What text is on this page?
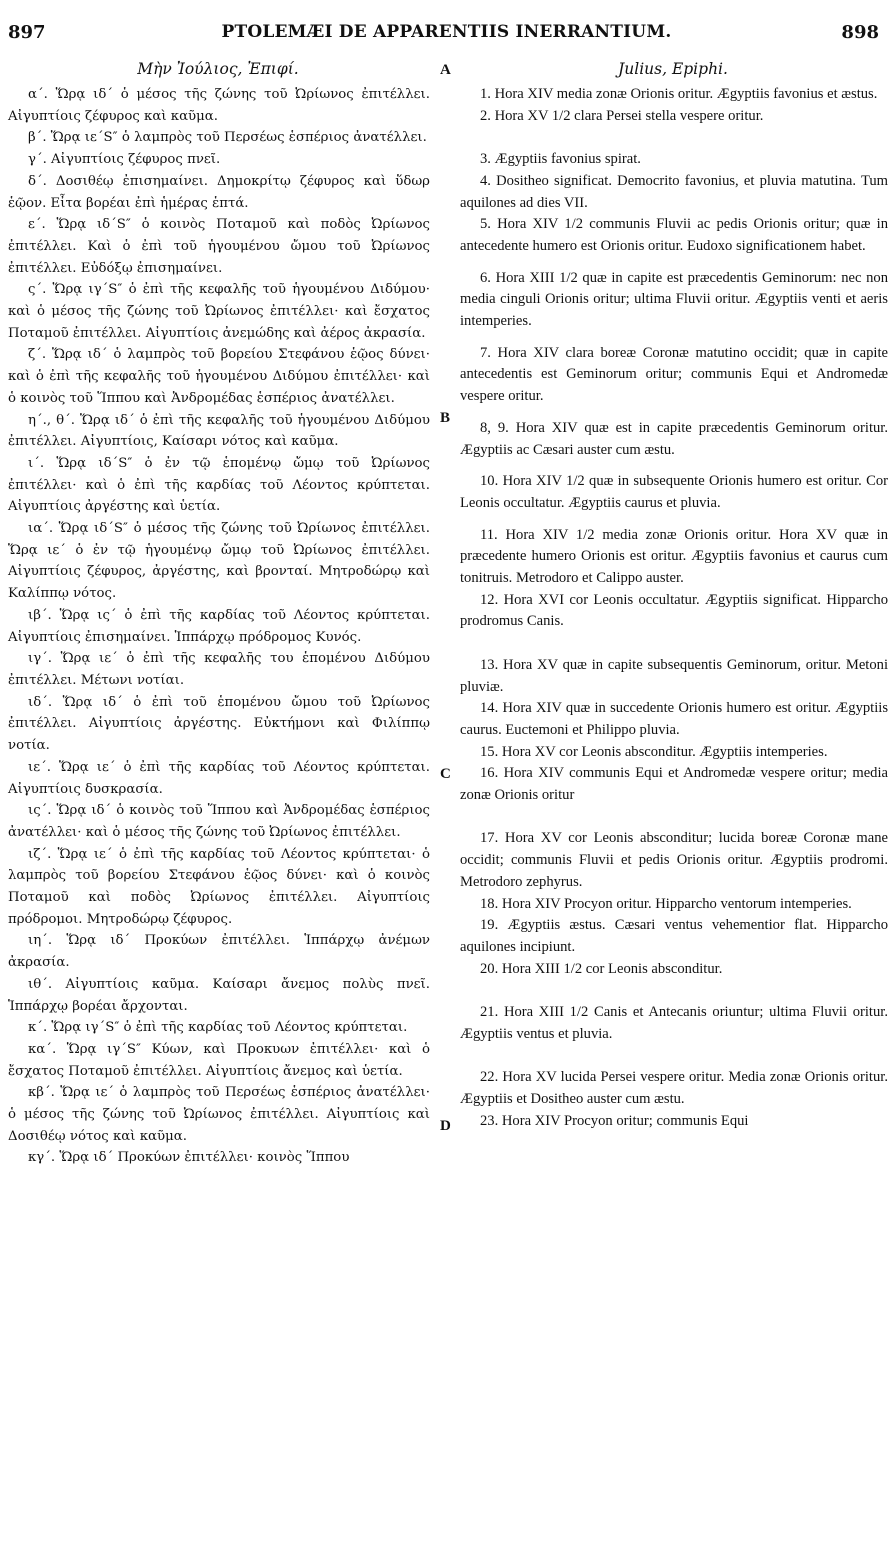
897	PTOLEMÆI DE APPARENTIIS INERRANTIUM.	898
Μὴν Ἰούλιος, Ἐπιφί.	Julius, Epiphi.
A
B
C
D

α΄. Ὥρᾳ ιδ΄ ὁ μέσος τῆς ζώνης τοῦ Ὠρίωνος ἐπιτέλλει. Αἰγυπτίοις ζέφυρος καὶ καῦμα.

β΄. Ὥρᾳ ιε΄S″ ὁ λαμπρὸς τοῦ Περσέως ἑσπέριος ἀνατέλλει.

γ΄. Αἰγυπτίοις ζέφυρος πνεῖ.

δ΄. Δοσιθέῳ ἐπισημαίνει. Δημοκρίτῳ ζέφυρος καὶ ὕδωρ ἑῷον. Εἶτα βορέαι ἐπὶ ἡμέρας ἑπτά.

ε΄. Ὥρᾳ ιδ΄S″ ὁ κοινὸς Ποταμοῦ καὶ ποδὸς Ὠρίωνος ἐπιτέλλει. Καὶ ὁ ἐπὶ τοῦ ἡγουμένου ὤμου τοῦ Ὠρίωνος ἐπιτέλλει. Εὐδόξῳ ἐπισημαίνει.

ς΄. Ὥρᾳ ιγ΄S″ ὁ ἐπὶ τῆς κεφαλῆς τοῦ ἡγουμένου Διδύμου· καὶ ὁ μέσος τῆς ζώνης τοῦ Ὠρίωνος ἐπιτέλλει· καὶ ἔσχατος Ποταμοῦ ἐπιτέλλει. Αἰγυπτίοις ἀνεμώδης καὶ ἀέρος ἀκρασία.

ζ΄. Ὥρᾳ ιδ΄ ὁ λαμπρὸς τοῦ βορείου Στεφάνου ἑῷος δύνει· καὶ ὁ ἐπὶ τῆς κεφαλῆς τοῦ ἡγουμένου Διδύμου ἐπιτέλλει· καὶ ὁ κοινὸς τοῦ Ἵππου καὶ Ἀνδρομέδας ἑσπέριος ἀνατέλλει.

η΄., θ΄. Ὥρᾳ ιδ΄ ὁ ἐπὶ τῆς κεφαλῆς τοῦ ἡγουμένου Διδύμου ἐπιτέλλει. Αἰγυπτίοις, Καίσαρι νότος καὶ καῦμα.

ι΄. Ὥρᾳ ιδ΄S″ ὁ ἐν τῷ ἑπομένῳ ὤμῳ τοῦ Ὠρίωνος ἐπιτέλλει· καὶ ὁ ἐπὶ τῆς καρδίας τοῦ Λέοντος κρύπτεται. Αἰγυπτίοις ἀργέστης καὶ ὑετία.

ια΄. Ὥρᾳ ιδ΄S″ ὁ μέσος τῆς ζώνης τοῦ Ὠρίωνος ἐπιτέλλει. Ὥρᾳ ιε΄ ὁ ἐν τῷ ἡγουμένῳ ὤμῳ τοῦ Ὠρίωνος ἐπιτέλλει. Αἰγυπτίοις ζέφυρος, ἀργέστης, καὶ βρονταί. Μητροδώρῳ καὶ Καλίππῳ νότος.

ιβ΄. Ὥρᾳ ις΄ ὁ ἐπὶ τῆς καρδίας τοῦ Λέοντος κρύπτεται. Αἰγυπτίοις ἐπισημαίνει. Ἱππάρχῳ πρόδρομος Κυνός.

ιγ΄. Ὥρᾳ ιε΄ ὁ ἐπὶ τῆς κεφαλῆς του ἑπομένου Διδύμου ἐπιτέλλει. Μέτωνι νοτίαι.

ιδ΄. Ὥρᾳ ιδ΄ ὁ ἐπὶ τοῦ ἑπομένου ὤμου τοῦ Ὠρίωνος ἐπιτέλλει. Αἰγυπτίοις ἀργέστης. Εὐκτήμονι καὶ Φιλίππῳ νοτία.

ιε΄. Ὥρᾳ ιε΄ ὁ ἐπὶ τῆς καρδίας τοῦ Λέοντος κρύπτεται. Αἰγυπτίοις δυσκρασία.

ις΄. Ὥρᾳ ιδ΄ ὁ κοινὸς τοῦ Ἵππου καὶ Ἀνδρομέδας ἑσπέριος ἀνατέλλει· καὶ ὁ μέσος τῆς ζώνης τοῦ Ὠρίωνος ἐπιτέλλει.

ιζ΄. Ὥρᾳ ιε΄ ὁ ἐπὶ τῆς καρδίας τοῦ Λέοντος κρύπτεται· ὁ λαμπρὸς τοῦ βορείου Στεφάνου ἑῷος δύνει· καὶ ὁ κοινὸς Ποταμοῦ καὶ ποδὸς Ὠρίωνος ἐπιτέλλει. Αἰγυπτίοις πρόδρομοι. Μητροδώρῳ ζέφυρος.

ιη΄. Ὥρᾳ ιδ΄ Προκύων ἐπιτέλλει. Ἱππάρχῳ ἀνέμων ἀκρασία.

ιθ΄. Αἰγυπτίοις καῦμα. Καίσαρι ἄνεμος πολὺς πνεῖ. Ἱππάρχῳ βορέαι ἄρχονται.

κ΄. Ὥρᾳ ιγ΄S″ ὁ ἐπὶ τῆς καρδίας τοῦ Λέοντος κρύπτεται.

κα΄. Ὥρᾳ ιγ΄S″ Κύων, καὶ Προκυων ἐπιτέλλει· καὶ ὁ ἔσχατος Ποταμοῦ ἐπιτέλλει. Αἰγυπτίοις ἄνεμος καὶ ὑετία.

κβ΄. Ὥρᾳ ιε΄ ὁ λαμπρὸς τοῦ Περσέως ἑσπέριος ἀνατέλλει· ὁ μέσος τῆς ζώνης τοῦ Ὠρίωνος ἐπιτέλλει. Αἰγυπτίοις καὶ Δοσιθέῳ νότος καὶ καῦμα.

κγ΄. Ὥρᾳ ιδ΄ Προκύων ἐπιτέλλει· κοινὸς Ἵππου

1. Hora XIV media zonæ Orionis oritur. Ægyptiis favonius et æstus.

2. Hora XV 1/2 clara Persei stella vespere oritur.

3. Ægyptiis favonius spirat.

4. Dositheo significat. Democrito favonius, et pluvia matutina. Tum aquilones ad dies VII.

5. Hora XIV 1/2 communis Fluvii ac pedis Orionis oritur; quæ in antecedente humero est Orionis oritur. Eudoxo significationem habet.

6. Hora XIII 1/2 quæ in capite est præcedentis Geminorum: nec non media cinguli Orionis oritur; ultima Fluvii oritur. Ægyptiis venti et aeris intemperies.

7. Hora XIV clara boreæ Coronæ matutino occidit; quæ in capite antecedentis est Geminorum oritur; communis Equi et Andromedæ vespere oritur.

8, 9. Hora XIV quæ est in capite præcedentis Geminorum oritur. Ægyptiis ac Cæsari auster cum æstu.

10. Hora XIV 1/2 quæ in subsequente Orionis humero est oritur. Cor Leonis occultatur. Ægyptiis caurus et pluvia.

11. Hora XIV 1/2 media zonæ Orionis oritur. Hora XV quæ in præcedente humero Orionis est oritur. Ægyptiis favonius et caurus cum tonitruis. Metrodoro et Calippo auster.

12. Hora XVI cor Leonis occultatur. Ægyptiis significat. Hipparcho prodromus Canis.

13. Hora XV quæ in capite subsequentis Geminorum, oritur. Metoni pluviæ.

14. Hora XIV quæ in succedente Orionis humero est oritur. Ægyptiis caurus. Euctemoni et Philippo pluvia.

15. Hora XV cor Leonis absconditur. Ægyptiis intemperies.

16. Hora XIV communis Equi et Andromedæ vespere oritur; media zonæ Orionis oritur

17. Hora XV cor Leonis absconditur; lucida boreæ Coronæ mane occidit; communis Fluvii et pedis Orionis oritur. Ægyptiis prodromi. Metrodoro zephyrus.

18. Hora XIV Procyon oritur. Hipparcho ventorum intemperies.

19. Ægyptiis æstus. Cæsari ventus vehementior flat. Hipparcho aquilones incipiunt.

20. Hora XIII 1/2 cor Leonis absconditur.

21. Hora XIII 1/2 Canis et Antecanis oriuntur; ultima Fluvii oritur. Ægyptiis ventus et pluvia.

22. Hora XV lucida Persei vespere oritur. Media zonæ Orionis oritur. Ægyptiis et Dositheo auster cum æstu.

23. Hora XIV Procyon oritur; communis Equi
